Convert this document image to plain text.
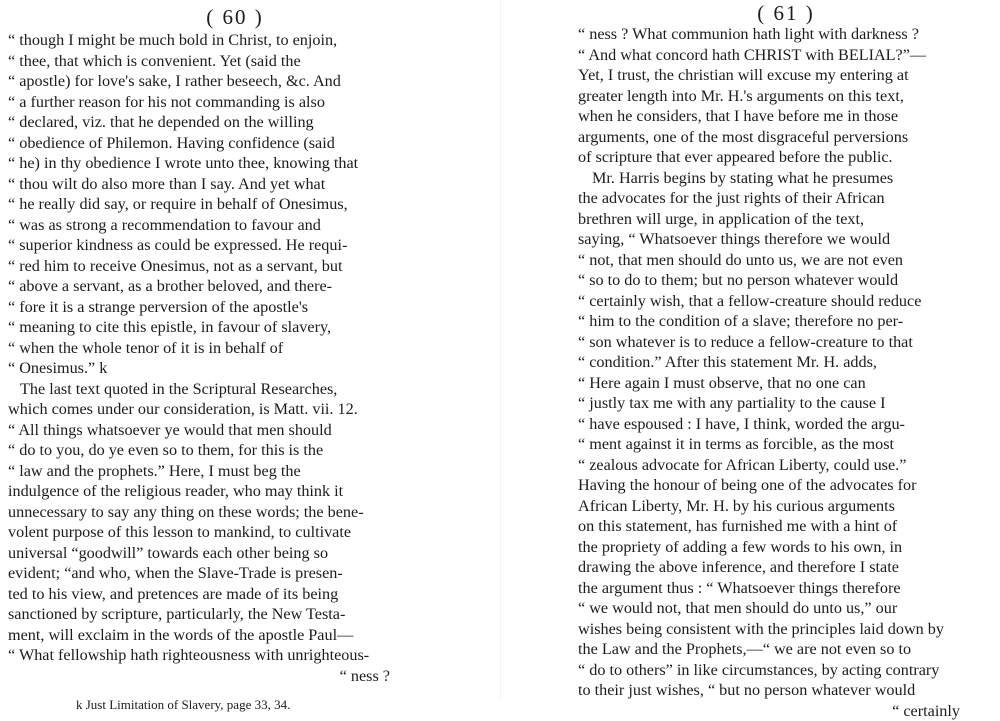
( 60 )
“ though I might be much bold in Christ, to enjoin,
“ thee, that which is convenient. Yet (said the
“ apostle) for love's sake, I rather beseech, &c. And
“ a further reason for his not commanding is also
“ declared, viz. that he depended on the willing
“ obedience of Philemon. Having confidence (said
“ he) in thy obedience I wrote unto thee, knowing that
“ thou wilt do also more than I say. And yet what
“ he really did say, or require in behalf of Onesimus,
“ was as strong a recommendation to favour and
“ superior kindness as could be expressed. He requi-
“ red him to receive Onesimus, not as a servant, but
“ above a servant, as a brother beloved, and there-
“ fore it is a strange perversion of the apostle's
“ meaning to cite this epistle, in favour of slavery,
“ when the whole tenor of it is in behalf of
“ Onesimus.” k
The last text quoted in the Scriptural Researches,
which comes under our consideration, is Matt. vii. 12.
“ All things whatsoever ye would that men should
“ do to you, do ye even so to them, for this is the
“ law and the prophets.” Here, I must beg the
indulgence of the religious reader, who may think it
unnecessary to say any thing on these words; the bene-
volent purpose of this lesson to mankind, to cultivate
universal “goodwill” towards each other being so
evident; “and who, when the Slave-Trade is presen-
ted to his view, and pretences are made of its being
sanctioned by scripture, particularly, the New Testa-
ment, will exclaim in the words of the apostle Paul—
“ What fellowship hath righteousness with unrighteous-
“ ness ?
k Just Limitation of Slavery, page 33, 34.
( 61 )
“ ness ? What communion hath light with darkness ?
“ And what concord hath CHRIST with BELIAL?”—
Yet, I trust, the christian will excuse my entering at
greater length into Mr. H.'s arguments on this text,
when he considers, that I have before me in those
arguments, one of the most disgraceful perversions
of scripture that ever appeared before the public.
Mr. Harris begins by stating what he presumes
the advocates for the just rights of their African
brethren will urge, in application of the text,
saying, “ Whatsoever things therefore we would
“ not, that men should do unto us, we are not even
“ so to do to them; but no person whatever would
“ certainly wish, that a fellow-creature should reduce
“ him to the condition of a slave; therefore no per-
“ son whatever is to reduce a fellow-creature to that
“ condition.” After this statement Mr. H. adds,
“ Here again I must observe, that no one can
“ justly tax me with any partiality to the cause I
“ have espoused : I have, I think, worded the argu-
“ ment against it in terms as forcible, as the most
“ zealous advocate for African Liberty, could use.”
Having the honour of being one of the advocates for
African Liberty, Mr. H. by his curious arguments
on this statement, has furnished me with a hint of
the propriety of adding a few words to his own, in
drawing the above inference, and therefore I state
the argument thus : “ Whatsoever things therefore
“ we would not, that men should do unto us,” our
wishes being consistent with the principles laid down by
the Law and the Prophets,—“ we are not even so to
“ do to others” in like circumstances, by acting contrary
to their just wishes, “ but no person whatever would
“ certainly
